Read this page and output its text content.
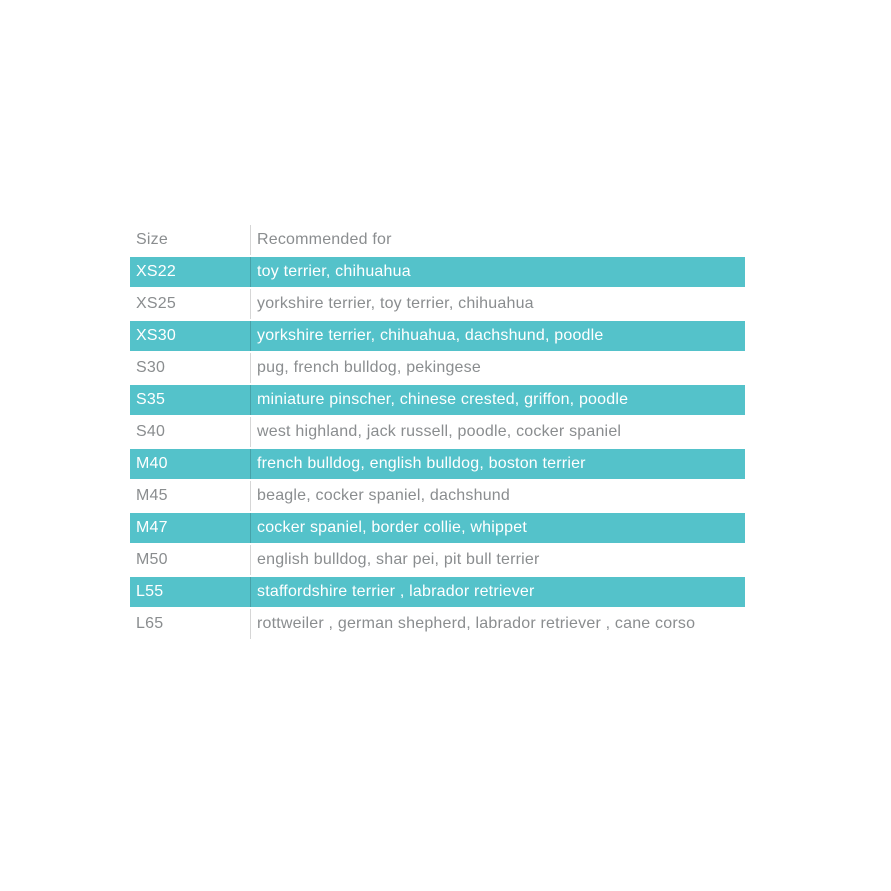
Size	Recommended for
XS22	toy terrier, chihuahua
XS25	yorkshire terrier, toy terrier, chihuahua
XS30	yorkshire terrier, chihuahua, dachshund, poodle
S30	pug, french bulldog, pekingese
S35	miniature pinscher, chinese crested, griffon, poodle
S40	west highland, jack russell, poodle, cocker spaniel
M40	french bulldog, english bulldog, boston terrier
M45	beagle, cocker spaniel, dachshund
M47	cocker spaniel, border collie, whippet
M50	english bulldog, shar pei, pit bull terrier
L55	staffordshire terrier , labrador retriever
L65	rottweiler , german shepherd, labrador retriever , cane corso
